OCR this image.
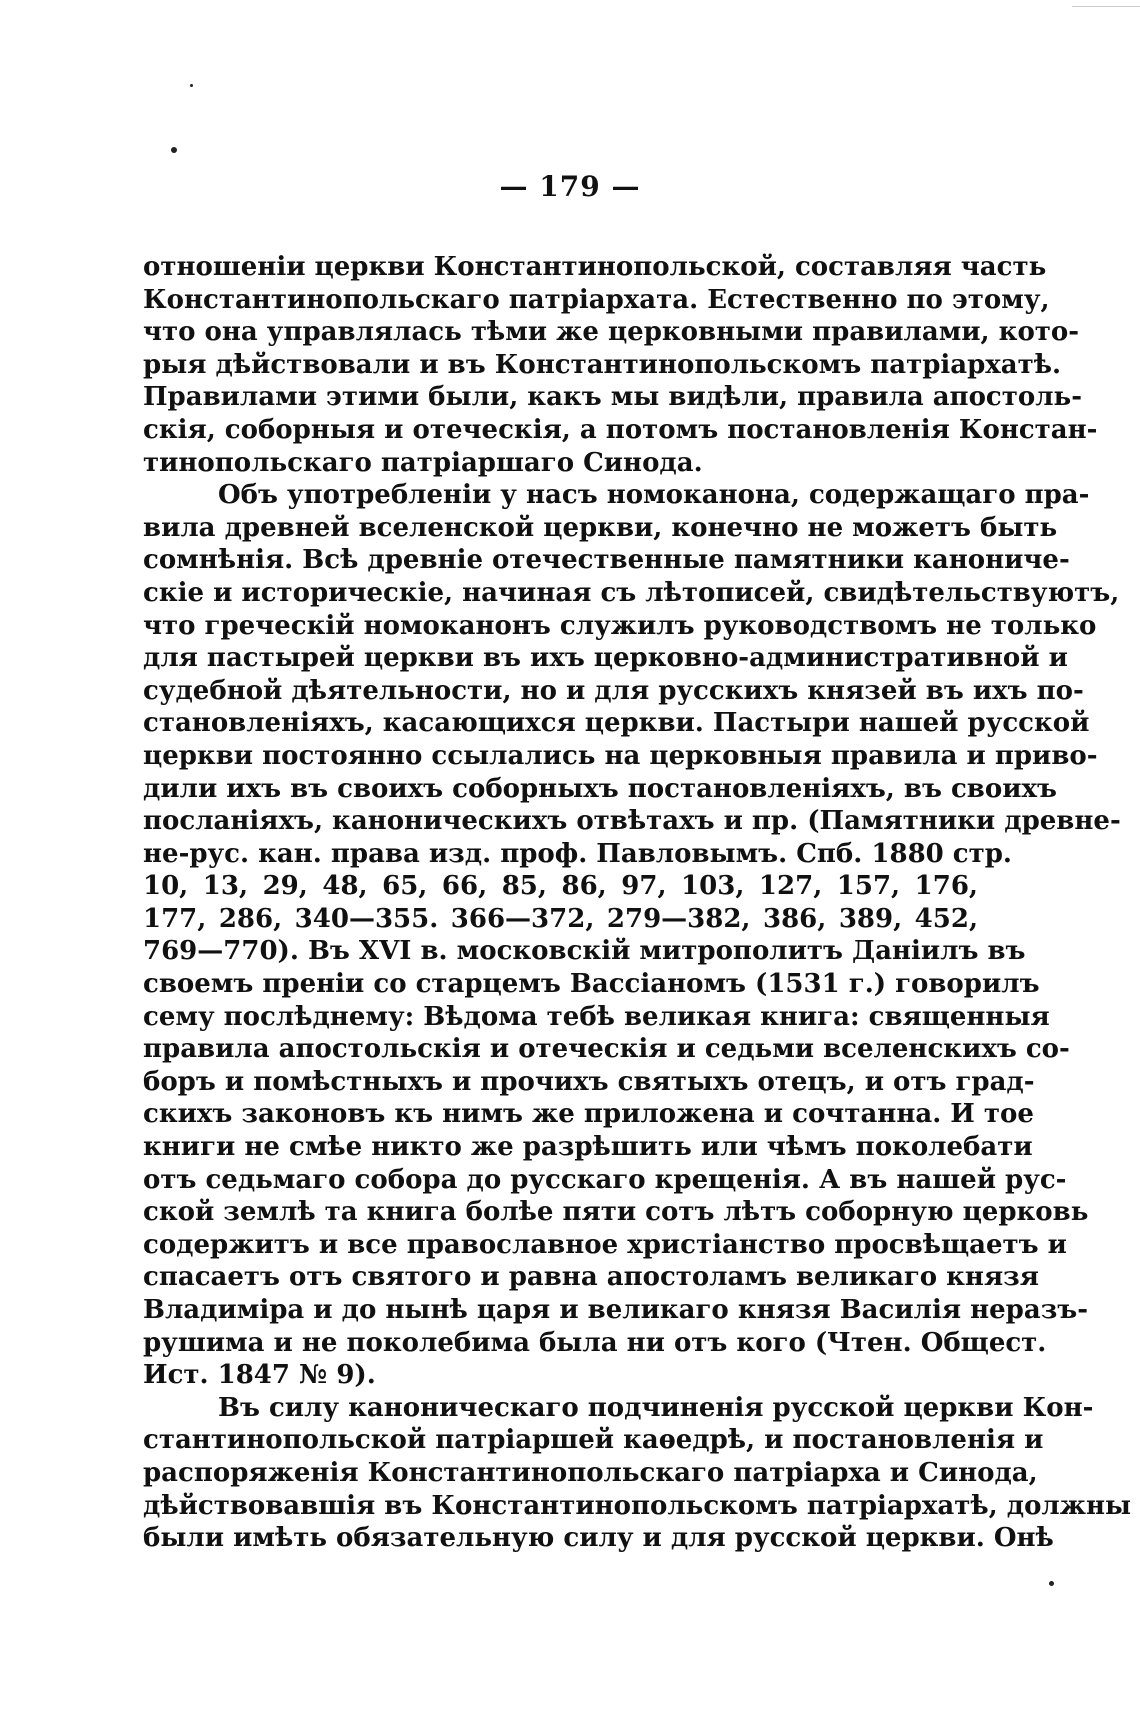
— 179 —
отношеніи церкви Константинопольской, составляя часть
Константинопольскаго патріархата. Естественно по этому,
что она управлялась тѣми же церковными правилами, кото-
рыя дѣйствовали и въ Константинопольскомъ патріархатѣ.
Правилами этими были, какъ мы видѣли, правила апостоль-
скія, соборныя и отеческія, а потомъ постановленія Констан-
тинопольскаго патріаршаго Синода.
Объ употребленіи у насъ номоканона, содержащаго пра-
вила древней вселенской церкви, конечно не можетъ быть
сомнѣнія. Всѣ древніе отечественные памятники канониче-
скіе и историческіе, начиная съ лѣтописей, свидѣтельствуютъ,
что греческій номоканонъ служилъ руководствомъ не только
для пастырей церкви въ ихъ церковно-административной и
судебной дѣятельности, но и для русскихъ князей въ ихъ по-
становленіяхъ, касающихся церкви. Пастыри нашей русской
церкви постоянно ссылались на церковныя правила и приво-
дили ихъ въ своихъ соборныхъ постановленіяхъ, въ своихъ
посланіяхъ, каноническихъ отвѣтахъ и пр. (Памятники древне-
не-рус. кан. права изд. проф. Павловымъ. Спб. 1880 стр.
10, 13, 29, 48, 65, 66, 85, 86, 97, 103, 127, 157, 176,
177, 286, 340—355. 366—372, 279—382, 386, 389, 452,
769—770). Въ XVI в. московскій митрополитъ Даніилъ въ
своемъ преніи со старцемъ Вассіаномъ (1531 г.) говорилъ
сему послѣднему: Вѣдома тебѣ великая книга: священныя
правила апостольскія и отеческія и седьми вселенскихъ со-
боръ и помѣстныхъ и прочихъ святыхъ отецъ, и отъ град-
скихъ законовъ къ нимъ же приложена и сочтанна. И тое
книги не смѣе никто же разрѣшить или чѣмъ поколебати
отъ седьмаго собора до русскаго крещенія. А въ нашей рус-
ской землѣ та книга болѣе пяти сотъ лѣтъ соборную церковь
содержитъ и все православное христіанство просвѣщаетъ и
спасаетъ отъ святого и равна апостоламъ великаго князя
Владиміра и до нынѣ царя и великаго князя Василія неразъ-
рушима и не поколебима была ни отъ кого (Чтен. Общест.
Ист. 1847 № 9).
Въ силу каноническаго подчиненія русской церкви Кон-
стантинопольской патріаршей каѳедрѣ, и постановленія и
распоряженія Константинопольскаго патріарха и Синода,
дѣйствовавшія въ Константинопольскомъ патріархатѣ, должны
были имѣть обязательную силу и для русской церкви. Онѣ
